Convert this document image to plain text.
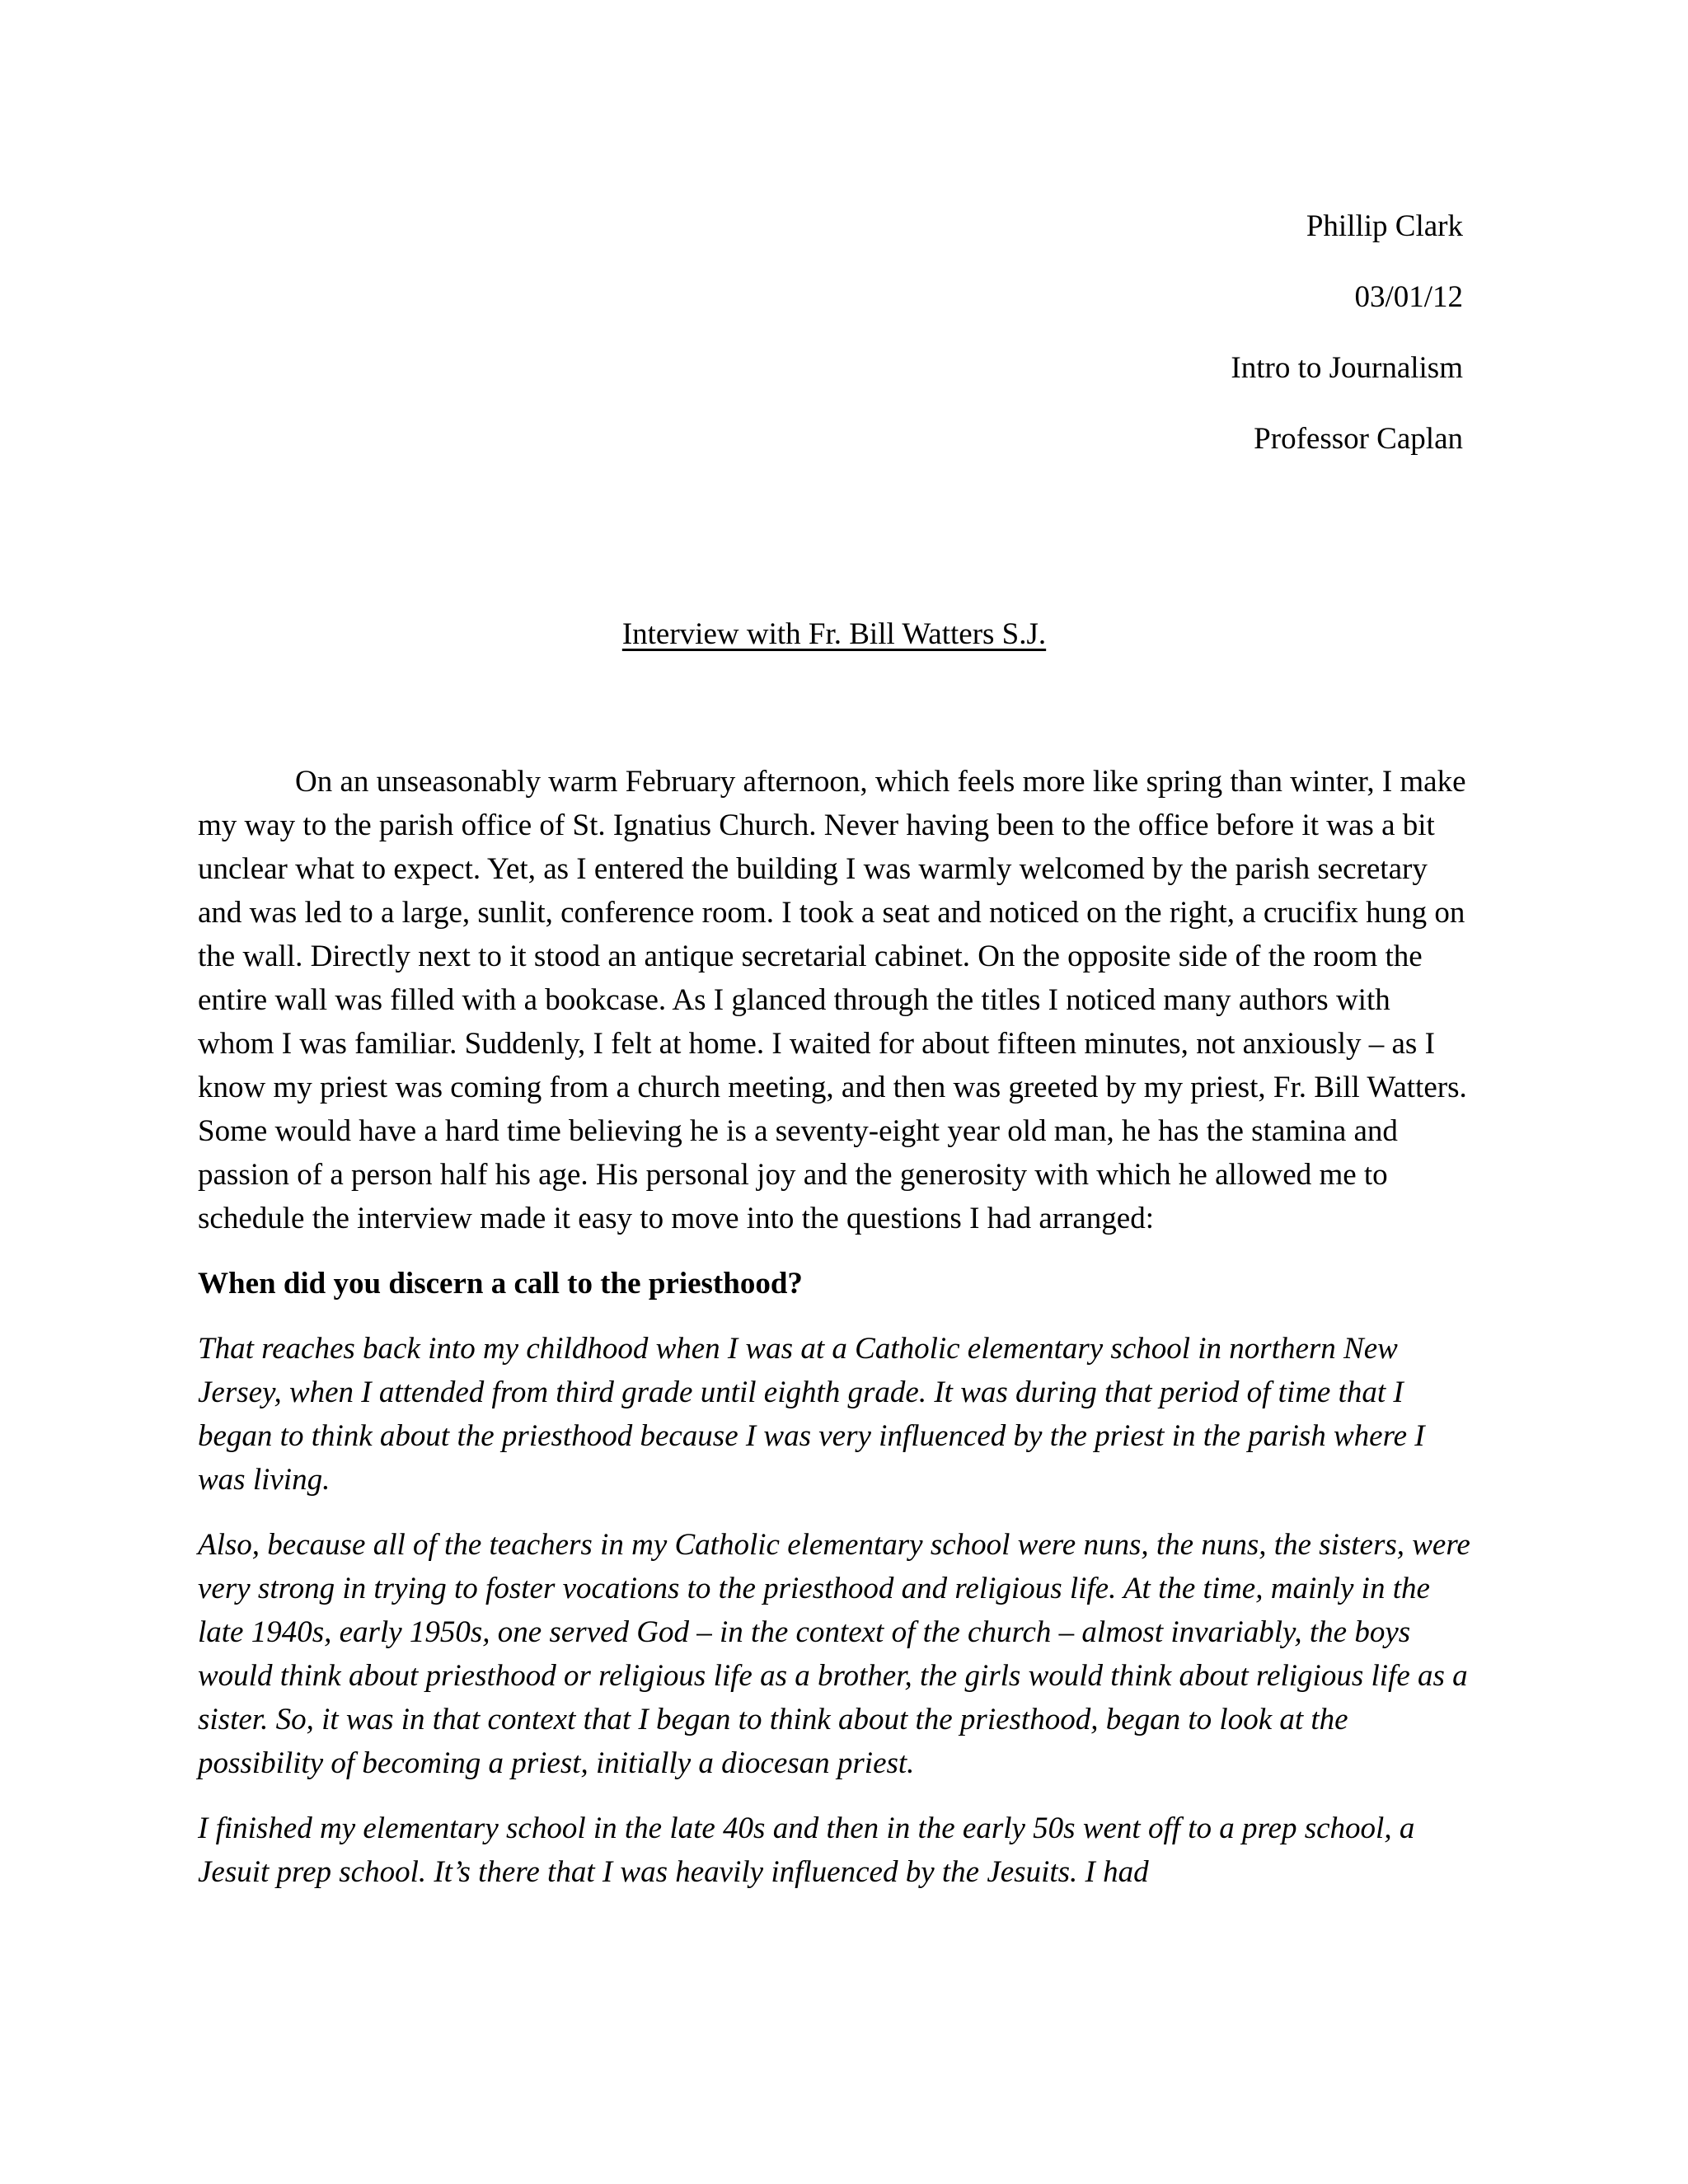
Phillip Clark
03/01/12
Intro to Journalism
Professor Caplan
Interview with Fr. Bill Watters S.J.

On an unseasonably warm February afternoon, which feels more like spring than winter, I make my way to the parish office of St. Ignatius Church. Never having been to the office before it was a bit unclear what to expect. Yet, as I entered the building I was warmly welcomed by the parish secretary and was led to a large, sunlit, conference room. I took a seat and noticed on the right, a crucifix hung on the wall. Directly next to it stood an antique secretarial cabinet. On the opposite side of the room the entire wall was filled with a bookcase. As I glanced through the titles I noticed many authors with whom I was familiar. Suddenly, I felt at home. I waited for about fifteen minutes, not anxiously – as I know my priest was coming from a church meeting, and then was greeted by my priest, Fr. Bill Watters. Some would have a hard time believing he is a seventy-eight year old man, he has the stamina and passion of a person half his age. His personal joy and the generosity with which he allowed me to schedule the interview made it easy to move into the questions I had arranged:

When did you discern a call to the priesthood?

That reaches back into my childhood when I was at a Catholic elementary school in northern New Jersey, when I attended from third grade until eighth grade. It was during that period of time that I began to think about the priesthood because I was very influenced by the priest in the parish where I was living.

Also, because all of the teachers in my Catholic elementary school were nuns, the nuns, the sisters, were very strong in trying to foster vocations to the priesthood and religious life. At the time, mainly in the late 1940s, early 1950s, one served God – in the context of the church – almost invariably, the boys would think about priesthood or religious life as a brother, the girls would think about religious life as a sister. So, it was in that context that I began to think about the priesthood, began to look at the possibility of becoming a priest, initially a diocesan priest.

I finished my elementary school in the late 40s and then in the early 50s went off to a prep school, a Jesuit prep school. It’s there that I was heavily influenced by the Jesuits. I had
